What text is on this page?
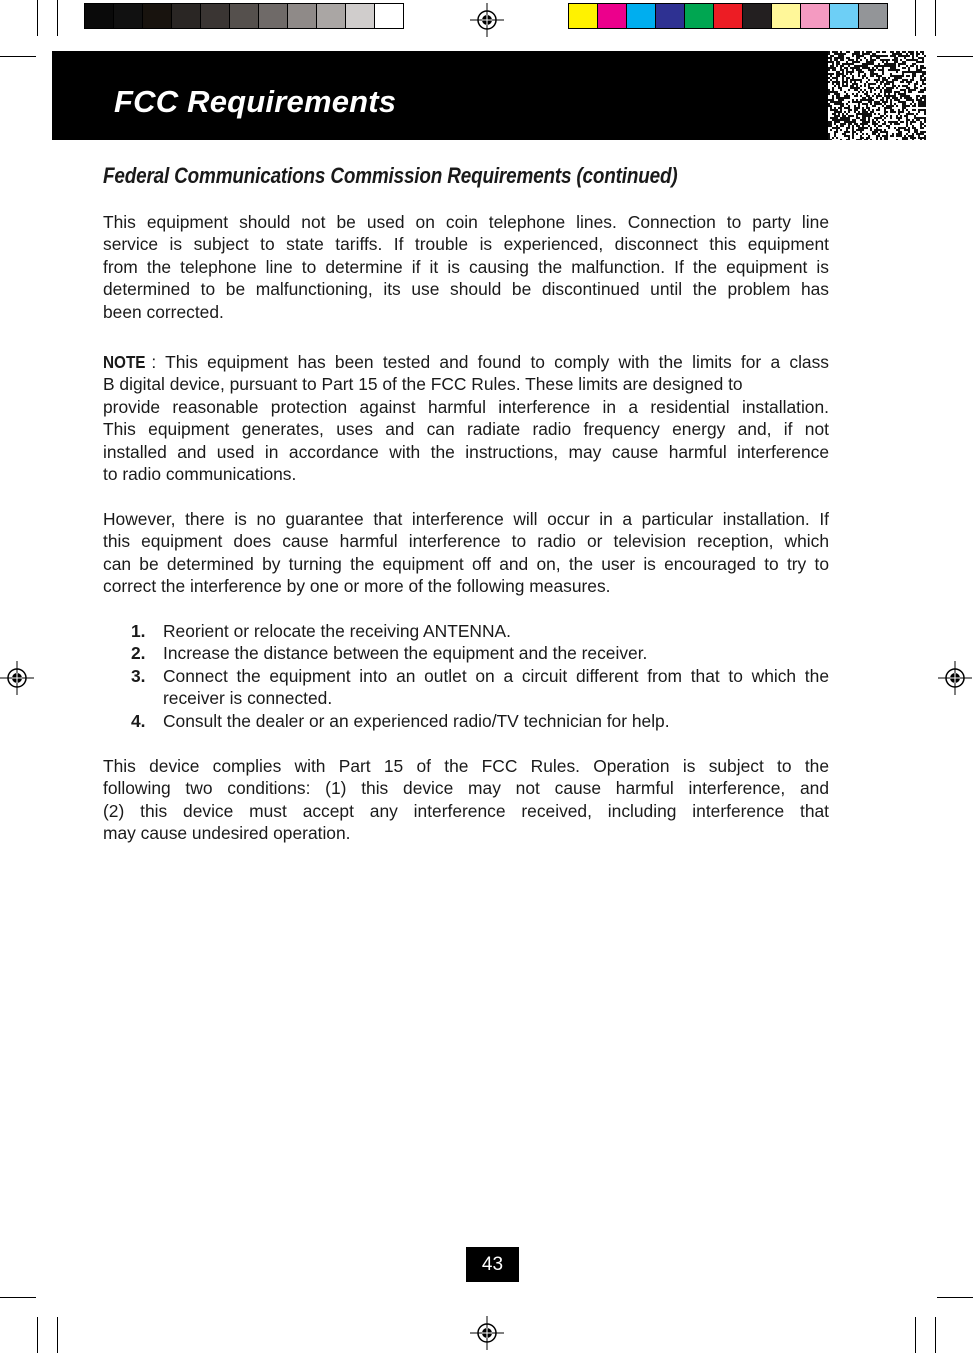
FCC Requirements
Federal Communications Commission Requirements (continued)

This equipment should not be used on coin telephone lines. Connection to party line
service is subject to state tariffs. If trouble is experienced, disconnect this equipment
from the telephone line to determine if it is causing the malfunction. If the equipment is
determined to be malfunctioning, its use should be discontinued until the problem has
been corrected.

NOTE : This equipment has been tested and found to comply with the limits for a class
B digital device, pursuant to Part 15 of the FCC Rules. These limits are designed to
provide reasonable protection against harmful interference in a residential installation.
This equipment generates, uses and can radiate radio frequency energy and, if not
installed and used in accordance with the instructions, may cause harmful interference
to radio communications.

However, there is no guarantee that interference will occur in a particular installation. If
this equipment does cause harmful interference to radio or television reception, which
can be determined by turning the equipment off and on, the user is encouraged to try to
correct the interference by one or more of the following measures.

1. Reorient or relocate the receiving ANTENNA.
2. Increase the distance between the equipment and the receiver.
3. Connect the equipment into an outlet on a circuit different from that to which the
receiver is connected.
4. Consult the dealer or an experienced radio/TV technician for help.

This device complies with Part 15 of the FCC Rules. Operation is subject to the
following two conditions: (1) this device may not cause harmful interference, and
(2) this device must accept any interference received, including interference that
may cause undesired operation.

43
